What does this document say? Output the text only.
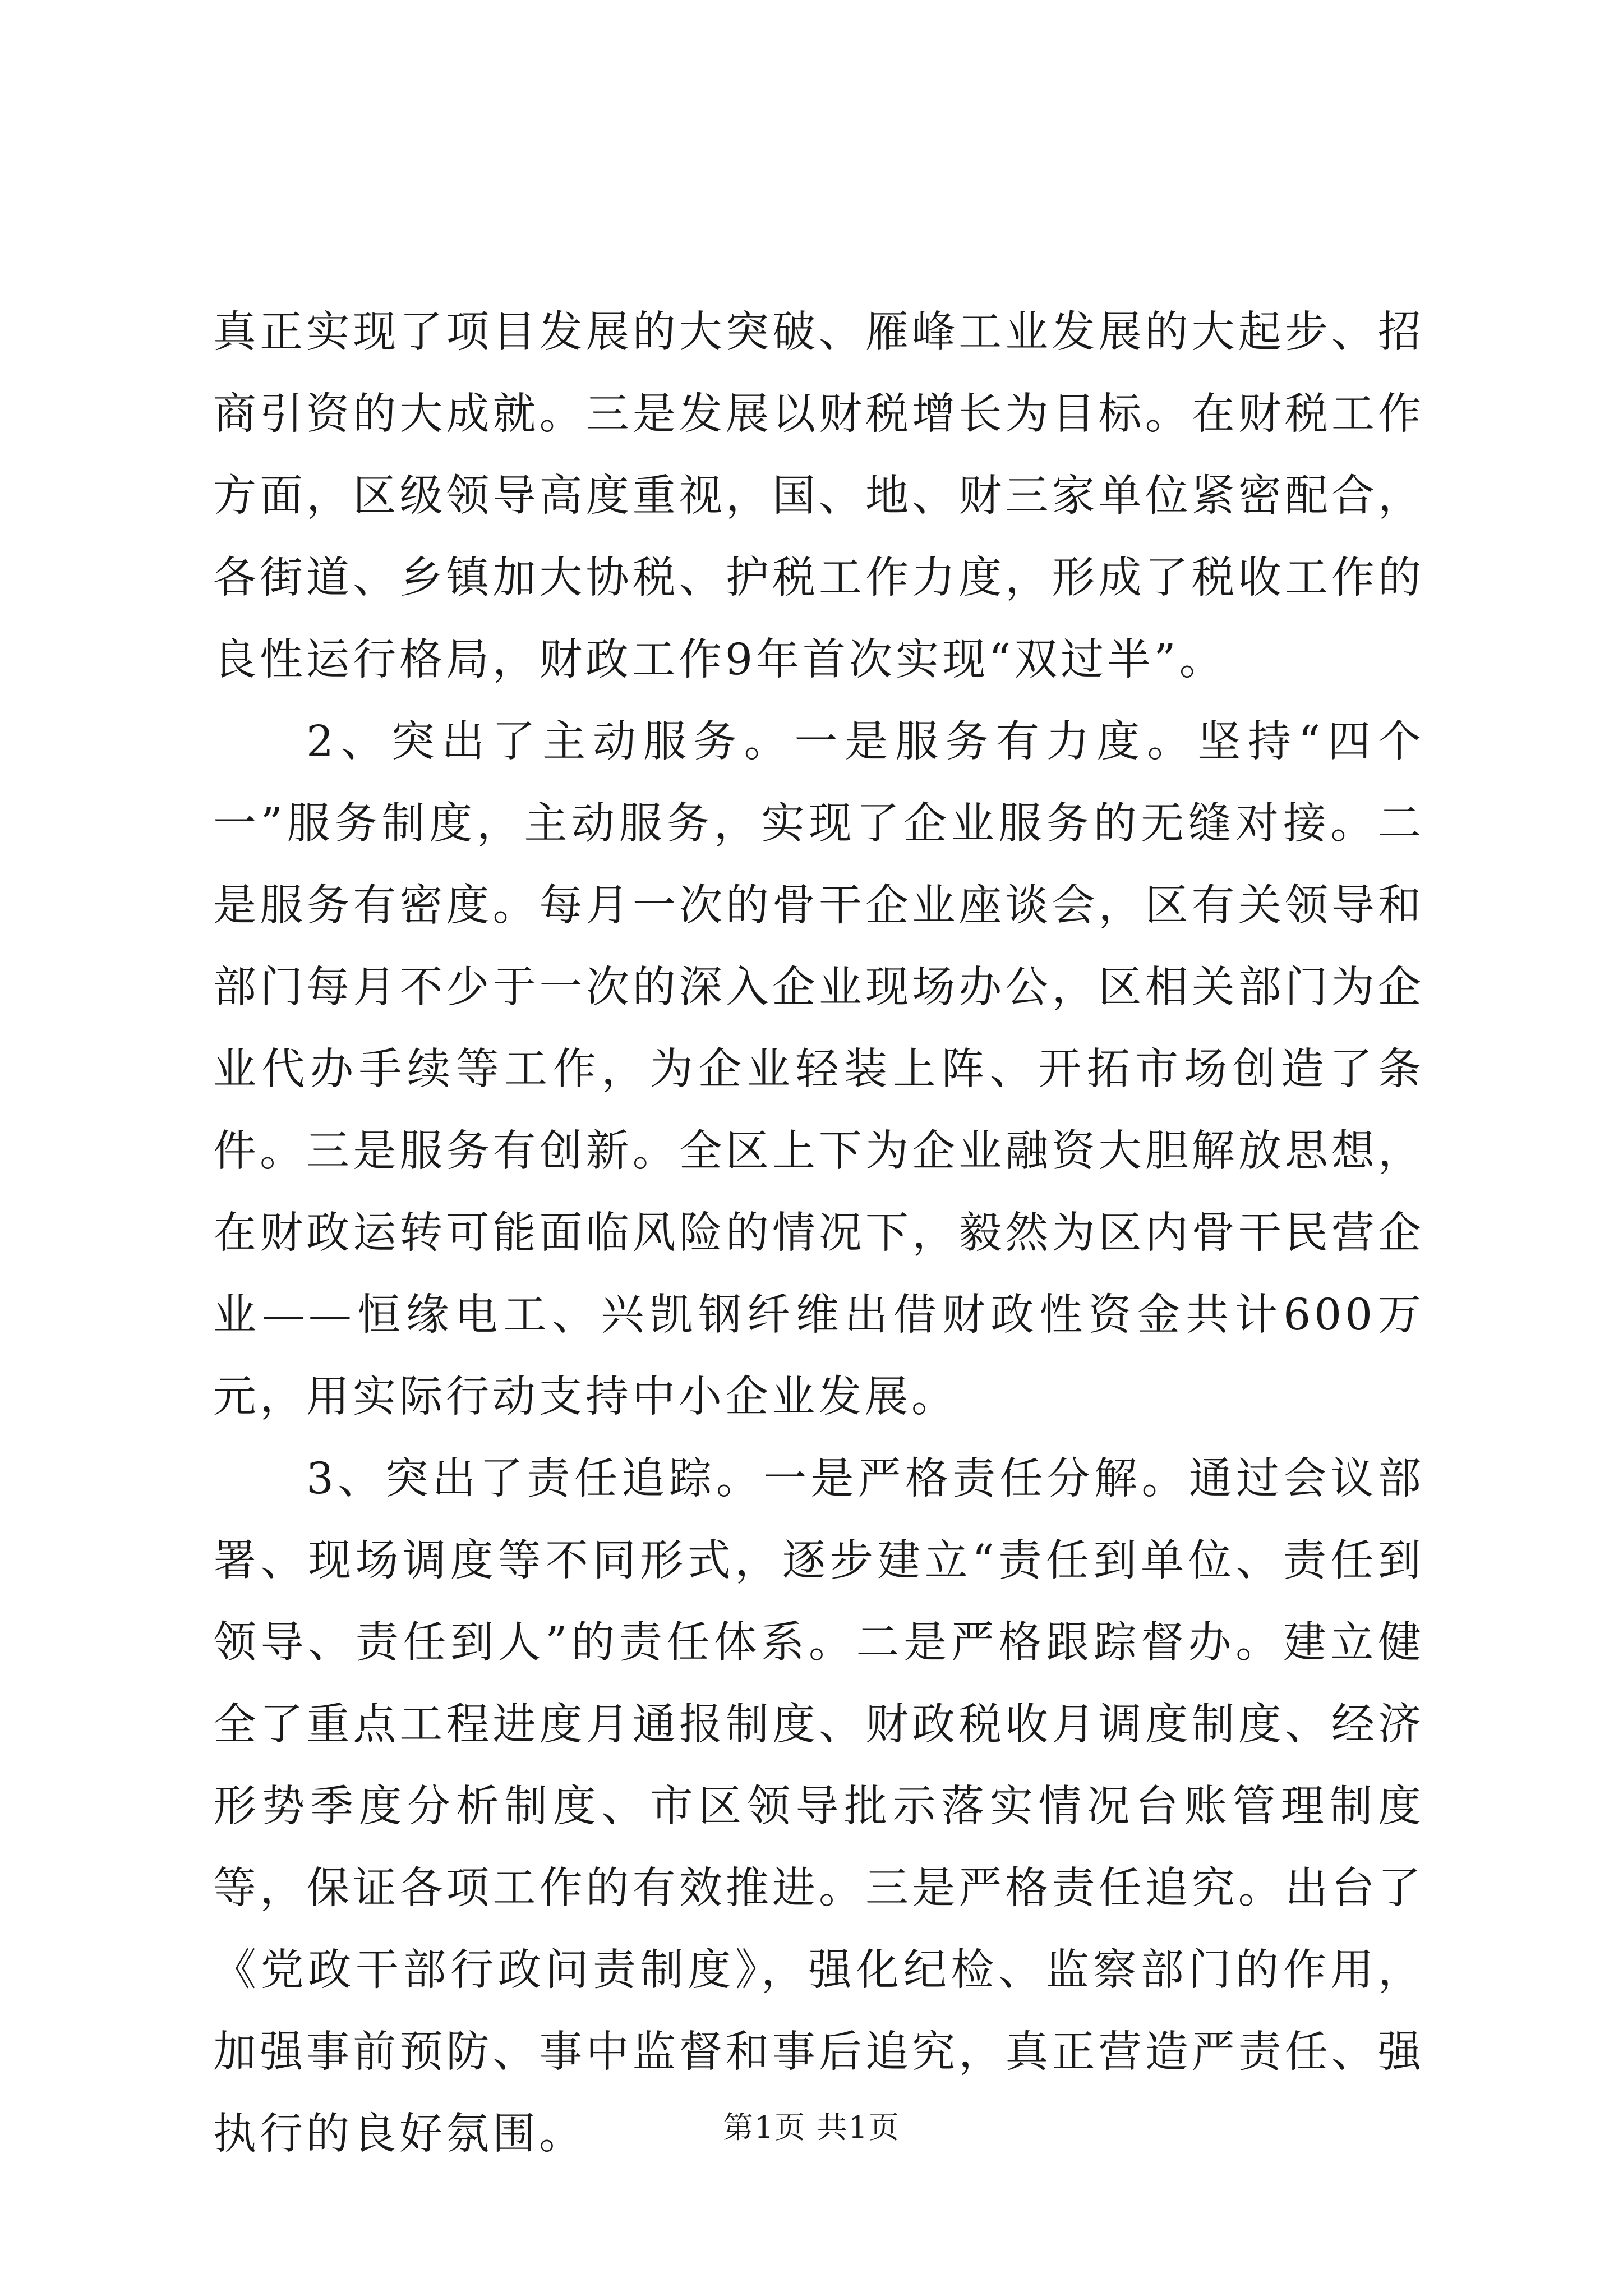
真正实现了项目发展的大突破、雁峰工业发展的大起步、招商引资的大成就。三是发展以财税增长为目标。在财税工作方面，区级领导高度重视，国、地、财三家单位紧密配合，各街道、乡镇加大协税、护税工作力度，形成了税收工作的良性运行格局，财政工作9年首次实现“双过半”。

2、突出了主动服务。一是服务有力度。坚持“四个一”服务制度，主动服务，实现了企业服务的无缝对接。二是服务有密度。每月一次的骨干企业座谈会，区有关领导和部门每月不少于一次的深入企业现场办公，区相关部门为企业代办手续等工作，为企业轻装上阵、开拓市场创造了条件。三是服务有创新。全区上下为企业融资大胆解放思想，在财政运转可能面临风险的情况下，毅然为区内骨干民营企业——恒缘电工、兴凯钢纤维出借财政性资金共计600万元，用实际行动支持中小企业发展。

3、突出了责任追踪。一是严格责任分解。通过会议部署、现场调度等不同形式，逐步建立“责任到单位、责任到领导、责任到人”的责任体系。二是严格跟踪督办。建立健全了重点工程进度月通报制度、财政税收月调度制度、经济形势季度分析制度、市区领导批示落实情况台账管理制度等，保证各项工作的有效推进。三是严格责任追究。出台了《党政干部行政问责制度》，强化纪检、监察部门的作用，加强事前预防、事中监督和事后追究，真正营造严责任、强执行的良好氛围。	第1页 共1页
